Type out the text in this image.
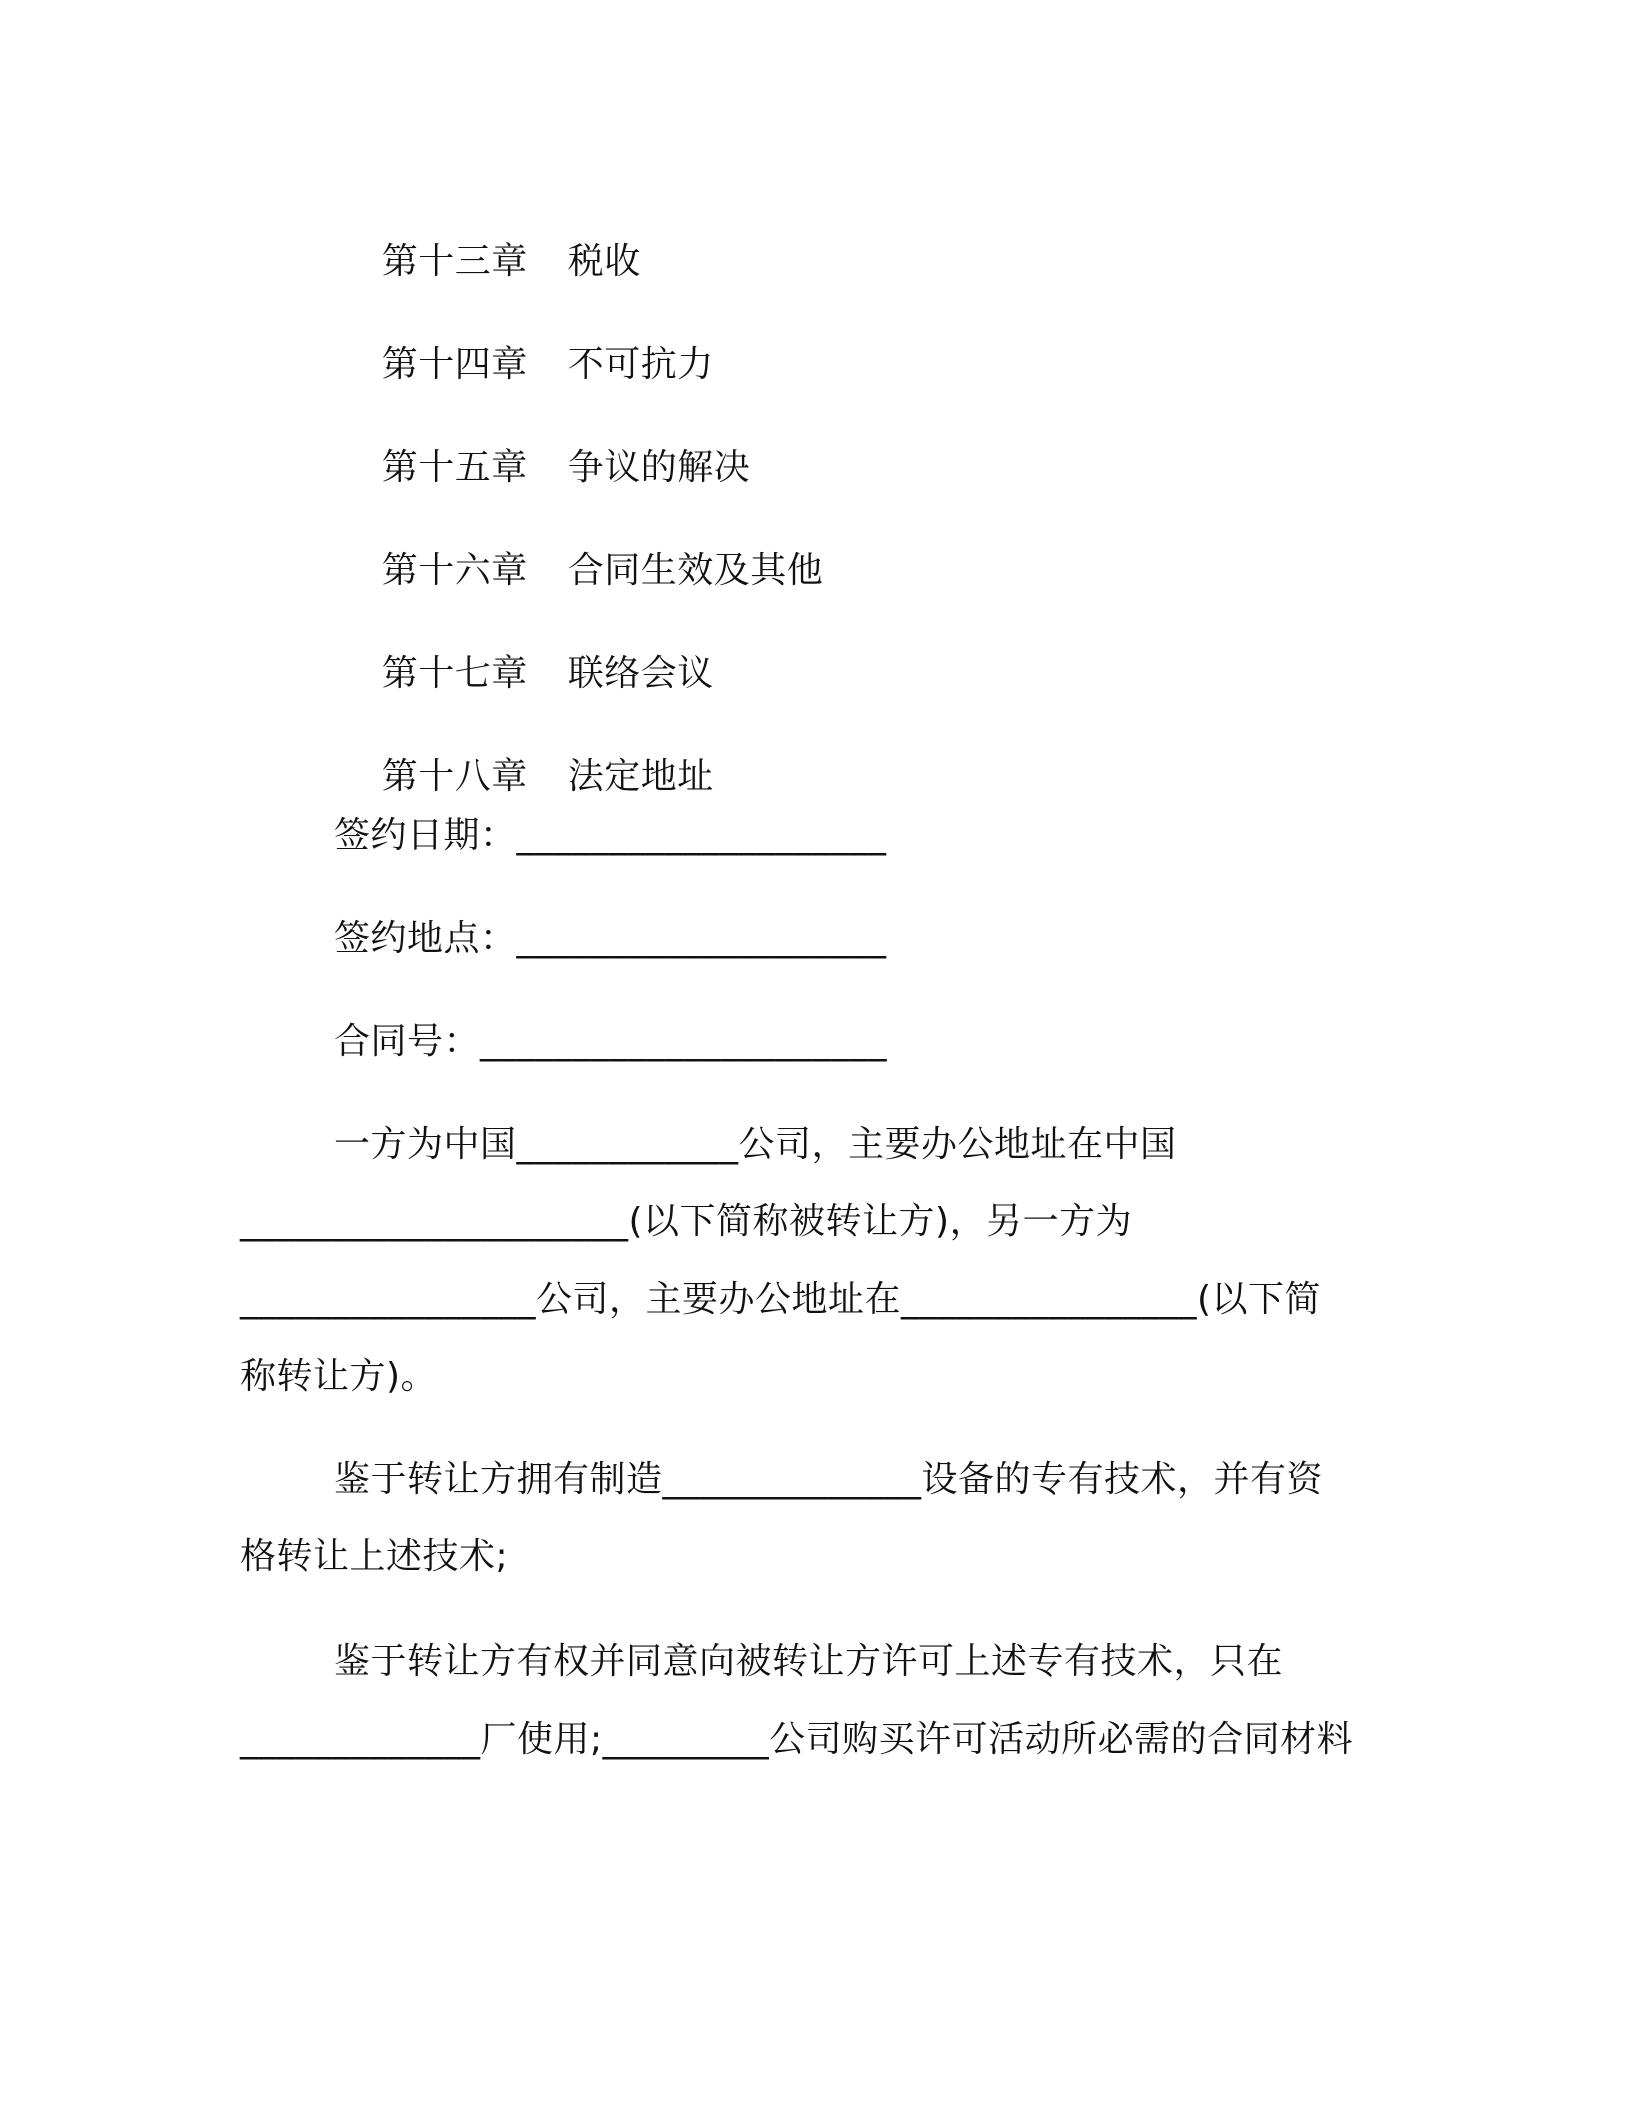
第十三章 税收

第十四章 不可抗力

第十五章 争议的解决

第十六章 合同生效及其他

第十七章 联络会议

第十八章 法定地址

签约日期：____________________
签约地点：____________________
合同号：______________________
一方为中国____________公司，主要办公地址在中国
_____________________(以下简称被转让方)，另一方为
________________公司，主要办公地址在________________(以下简
称转让方)。
鉴于转让方拥有制造______________设备的专有技术，并有资
格转让上述技术;
鉴于转让方有权并同意向被转让方许可上述专有技术，只在
_____________厂使用;_________公司购买许可活动所必需的合同材料
